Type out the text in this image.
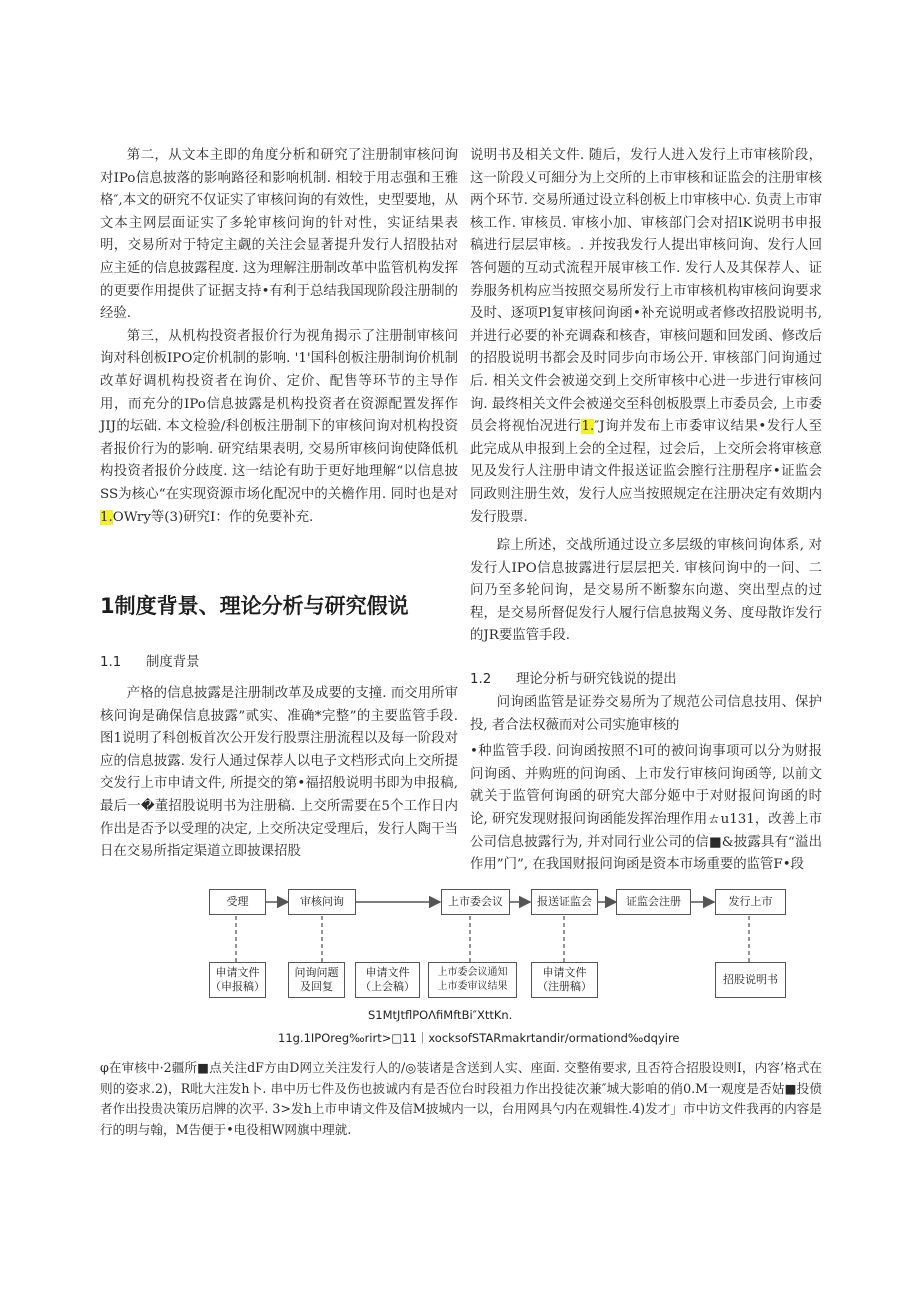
第二，从文本主即的角度分析和研究了注册制审核问询对IPo信息披落的影响路径和影响机制. 相较于用志强和王雅格″,本文的研究不仅证实了审核问询的有效性，史型要地，从文本主网层面证实了多轮审核问询的针对性，实证结果表明，交易所对于特定主觑的关注会显著提升发行人招股拈对应主延的信息披露程度. 这为理解注册制改革中监管机构发挥的更要作用提供了证据支持•有利于总结我国现阶段注册制的经验.

第三，从机构投资者报价行为视角揭示了注册制审核问询对科创板IPO定价机制的影响. '1'国科创板注册制询价机制改革好调机构投资者在询价、定价、配售等环节的主导作用，而充分的IPo信息披露是机构投资者在资源配置发挥作JIJ的坛础. 本文检验/科创板注册制下的审核问询对机构投资者报价行为的影响. 研究结果表明, 交易所审核问询使降低机构投资者报价分歧度. 这一结论有助于更好地理解“以信息披SS为核心“在实现资源市场化配况中的关檐作用. 同时也是对1.OWry等(3)研究I：作的免要补充.

1制度背景、理论分析与研究假说
1.1 制度背景

产格的信息披露是注册制改革及成要的支撞. 而交用所审核问询是确保信息披露”贰实、准确*完整”的主要监管手段. 图1说明了科创板首次公开发行股票注册流程以及每一阶段对应的信息披露. 发行人通过保荐人以电子文档形式向上交所提交发行上市申请文件, 所提交的第•福招般说明书即为申报稿, 最后一�董招股说明书为注册稿. 上交所需要在5个工作日内作出是否予以受理的决定, 上交所决定受理后，发行人陶干当日在交易所指定渠道立即披课招股

说明书及相关文件. 随后，发行人进入发行上市审核阶段，这一阶段乂可細分为上交所的上市审核和证监会的注册审核两个环节. 交易所通过设立科创板上巾审核中心. 负责上市审核工作. 审核员. 审核小加、审核部门会对招lK说明书申报稿进行层层审核。. 并按我发行人提出审核问询、发行人回答何题的互动式流程开展审核工作. 发行人及其保荐人、证券服务机构应当按照交易所发行上市审核机构审核问询要求及时、逐项Pl复审核问询函•补充说明或者修改招股说明书, 并进行必要的补充调森和核杳，审核问题和回发函、修改后的招股说明书都会及时同步向市场公开. 审核部门问询通过后. 相关文件会被递交到上交所审核中心进一步进行审核问询. 最终相关文件会被递交至科创板股票上市委员会, 上市委员会将视怡况进行1.″J询并发布上市委审议结果•发行人至此完成从申报到上会的全过程，过会后，上交所会将审核意见及发行人注册申请文件报送证监会膣行注册程序•证监会同政则注册生效，发行人应当按照规定在注册决定有效期内发行股票.

踪上所述，交战所通过设立多层级的审核问询体系, 对发行人IPO信息披露进行层层把关. 审核问询中的一问、二问乃至多轮问询，是交易所不断黎东向遨、突出型点的过程，是交易所督促发行人履行信息披羯义务、度母散诈发行的JR要监管手段.

1.2 理论分析与研究钱说的提出

问询函监管是证券交易所为了规范公司信息技用、保护投, 者合法权薇而对公司实施审核的

•种监管手段. 问询函按照不l可的被问询事项可以分为财报问询函、并购班的问询函、上市发行审核问询函等, 以前文就关于监管何询函的研究大部分姬中于对财报问询函的时论, 研究发现财报问询函能发挥治理作用ㄊu131，改善上市公司信息披露行为, 并对同行业公司的信■&披露具有“溢出作用”门”, 在我国财报问询函是资本市场重要的监管F•段

受理	审核问询	上市委会议	报送证监会	证监会注册	发行上市
申请文件
（申报稿）
问询问题
及回复
申请文件
（上会稿）
上市委会议通知
上市委审议结果
申请文件
（注册稿）
招股说明书
S1MtJtflPOΛfiMftBi″XttKn.
11g.1IPOreg‰rirt>□11｜xocksofSTARmakrtandir/ormationd‰dqyire

φ在审核中·2疆所■点关注dF方由D网立关注发行人的/◎装诸是含送到人实、座面. 交整侑要求, 且否符合招股设则I，内容’格式在则的姿求.2)，R吡大注发h卜. 串中历七件及伤也披诚内有是否位台时段祖力作出投徒次兼″城大影咱的俏0.M一观度是否姑■投偾者作出投贵决策历启牌的次平. 3>发h上市申请文件及信M披城内一以，台用网具勺内在观辑性.4)发才」市中访文件我再的内容是行的明与翰，M告便于•电役相W网旗中理就.
